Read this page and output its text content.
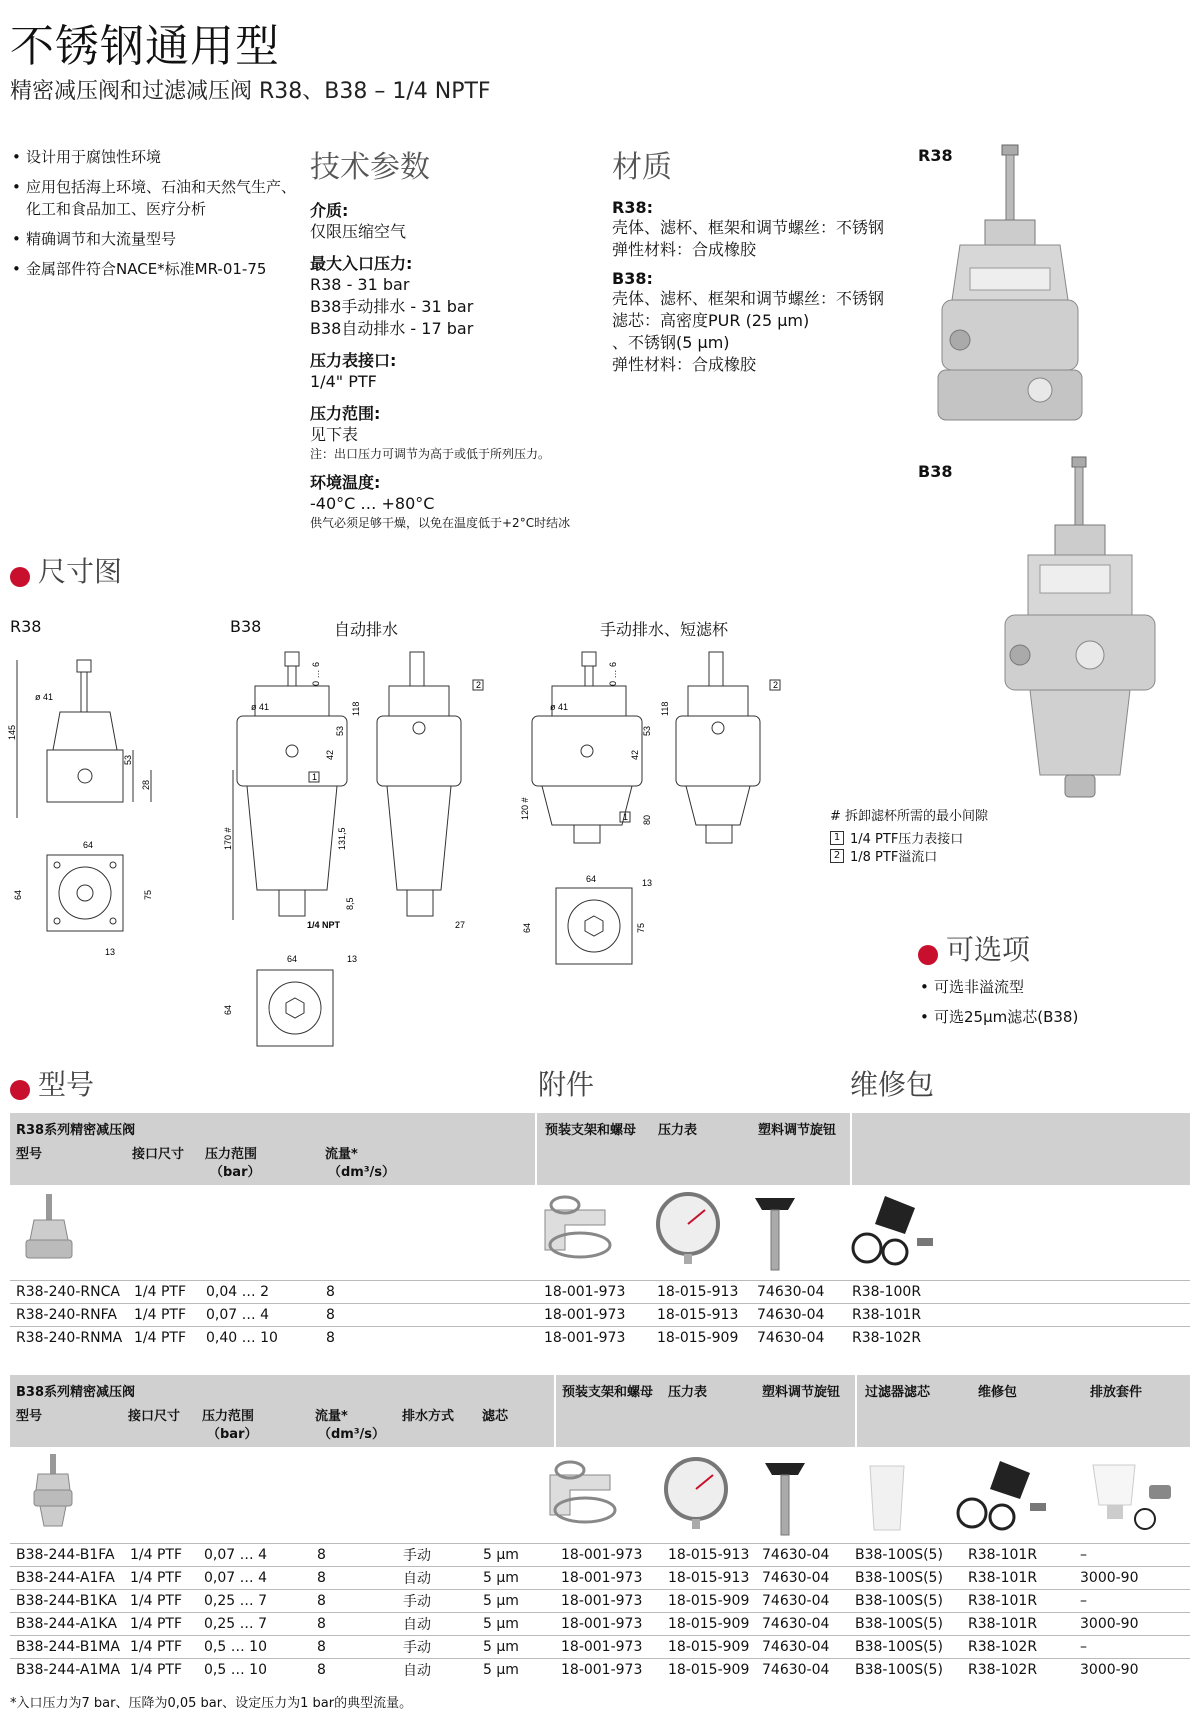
不锈钢通用型
精密减压阀和过滤减压阀 R38、B38 – 1/4 NPTF
• 设计用于腐蚀性环境
• 应用包括海上环境、石油和天然气生产、化工和食品加工、医疗分析
• 精确调节和大流量型号
• 金属部件符合NACE*标准MR-01-75
技术参数
介质:
仅限压缩空气
最大入口压力:
R38 - 31 bar
B38手动排水 - 31 bar
B38自动排水 - 17 bar
压力表接口:
1/4" PTF
压力范围:
见下表
注：出口压力可调节为高于或低于所列压力。
环境温度:
-40°C … +80°C
供气必须足够干燥，以免在温度低于+2°C时结冰
材质
R38:
壳体、滤杯、框架和调节螺丝：不锈钢
弹性材料：合成橡胶
B38:
壳体、滤杯、框架和调节螺丝：不锈钢
滤芯：高密度PUR (25 μm)
、不锈钢(5 μm)
弹性材料：合成橡胶
R38
B38
尺寸图
R38	B38	自动排水	手动排水、短滤杯
ø 41
145
53
28
64
64	75
13
0 … 6
118
ø 41
53
42
170 #	131,5
8,5
1/4 NPT
1
2
27
64
64
13
0 … 6
118
ø 41
53
42
120 #	80
1
2
64
64	75
13
# 拆卸滤杯所需的最小间隙
1 1/4 PTF压力表接口
2 1/8 PTF溢流口
可选项
• 可选非溢流型
• 可选25μm滤芯(B38)
型号	附件	维修包
R38系列精密减压阀
型号	接口尺寸 压力范围
（bar）
流量*
（dm³/s）
预装支架和螺母 压力表	塑料调节旋钮
R38-240-RNCA	1/4 PTF	0,04 … 2	8	18-001-973	18-015-913	74630-04	R38-100R
R38-240-RNFA	1/4 PTF	0,07 … 4	8	18-001-973	18-015-913	74630-04	R38-101R
R38-240-RNMA	1/4 PTF	0,40 … 10	8	18-001-973	18-015-909	74630-04	R38-102R
B38系列精密减压阀
型号	接口尺寸 压力范围
（bar）
流量*
（dm³/s）
排水方式 滤芯
预装支架和螺母 压力表	塑料调节旋钮 过滤器滤芯	维修包	排放套件
B38-244-B1FA	1/4 PTF	0,07 … 4	8	手动	5 μm	18-001-973	18-015-913	74630-04	B38-100S(5)	R38-101R	–
B38-244-A1FA	1/4 PTF	0,07 … 4	8	自动	5 μm	18-001-973	18-015-913	74630-04	B38-100S(5)	R38-101R	3000-90
B38-244-B1KA	1/4 PTF	0,25 … 7	8	手动	5 μm	18-001-973	18-015-909	74630-04	B38-100S(5)	R38-101R	–
B38-244-A1KA	1/4 PTF	0,25 … 7	8	自动	5 μm	18-001-973	18-015-909	74630-04	B38-100S(5)	R38-101R	3000-90
B38-244-B1MA	1/4 PTF	0,5 … 10	8	手动	5 μm	18-001-973	18-015-909	74630-04	B38-100S(5)	R38-102R	–
B38-244-A1MA	1/4 PTF	0,5 … 10	8	自动	5 μm	18-001-973	18-015-909	74630-04	B38-100S(5)	R38-102R	3000-90
*入口压力为7 bar、压降为0,05 bar、设定压力为1 bar的典型流量。
